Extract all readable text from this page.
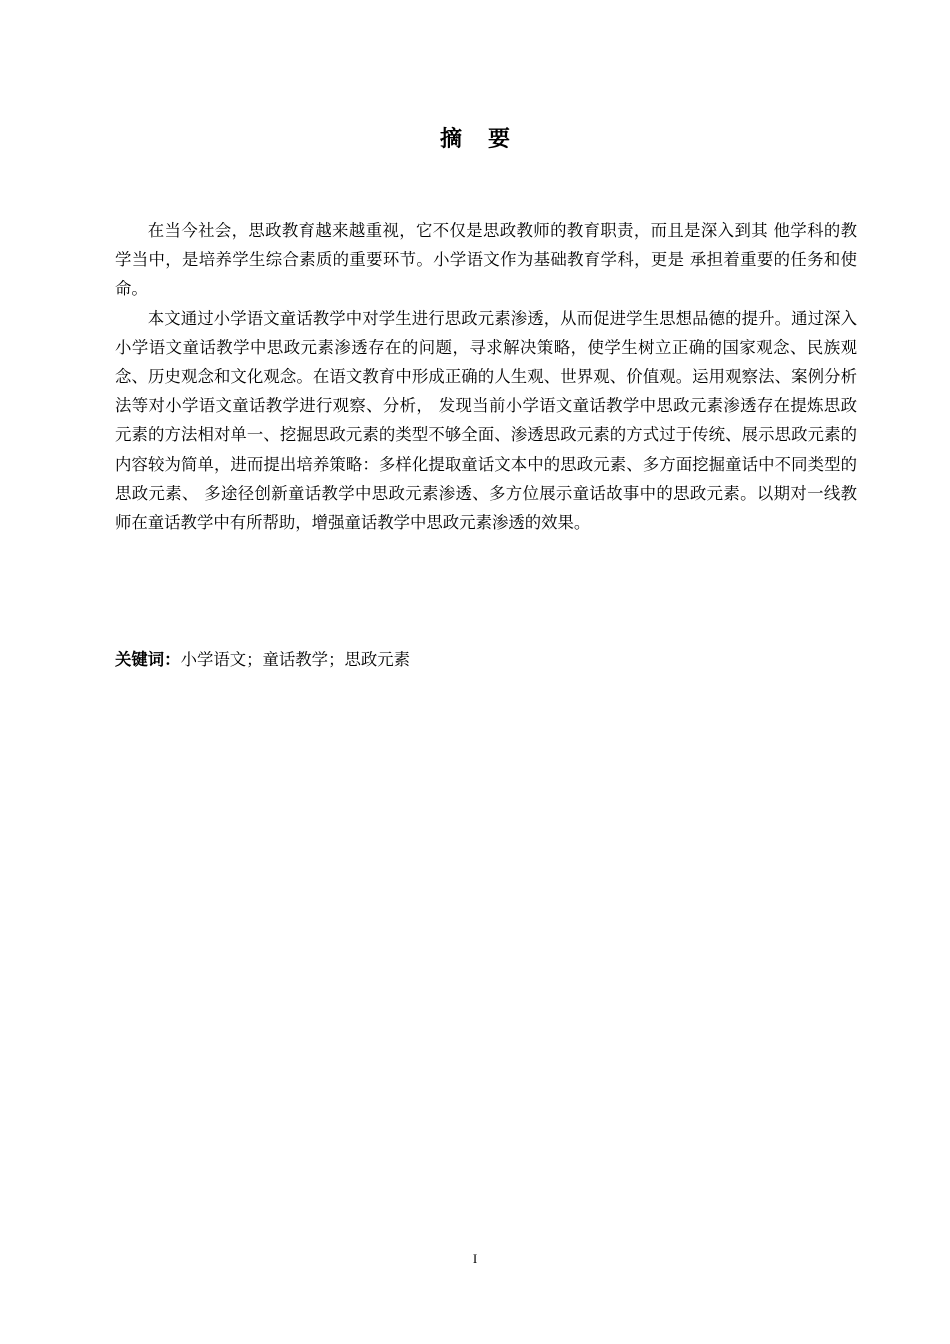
摘 要

在当今社会，思政教育越来越重视，它不仅是思政教师的教育职责，而且是深入到其 他学科的教学当中，是培养学生综合素质的重要环节。小学语文作为基础教育学科，更是 承担着重要的任务和使命。

本文通过小学语文童话教学中对学生进行思政元素渗透，从而促进学生思想品德的提升。通过深入小学语文童话教学中思政元素渗透存在的问题，寻求解决策略，使学生树立正确的国家观念、民族观念、历史观念和文化观念。在语文教育中形成正确的人生观、世界观、价值观。运用观察法、案例分析法等对小学语文童话教学进行观察、分析， 发现当前小学语文童话教学中思政元素渗透存在提炼思政元素的方法相对单一、挖掘思政元素的类型不够全面、渗透思政元素的方式过于传统、展示思政元素的内容较为简单，进而提出培养策略：多样化提取童话文本中的思政元素、多方面挖掘童话中不同类型的思政元素、 多途径创新童话教学中思政元素渗透、多方位展示童话故事中的思政元素。以期对一线教 师在童话教学中有所帮助，增强童话教学中思政元素渗透的效果。

关键词：小学语文；童话教学；思政元素
I
